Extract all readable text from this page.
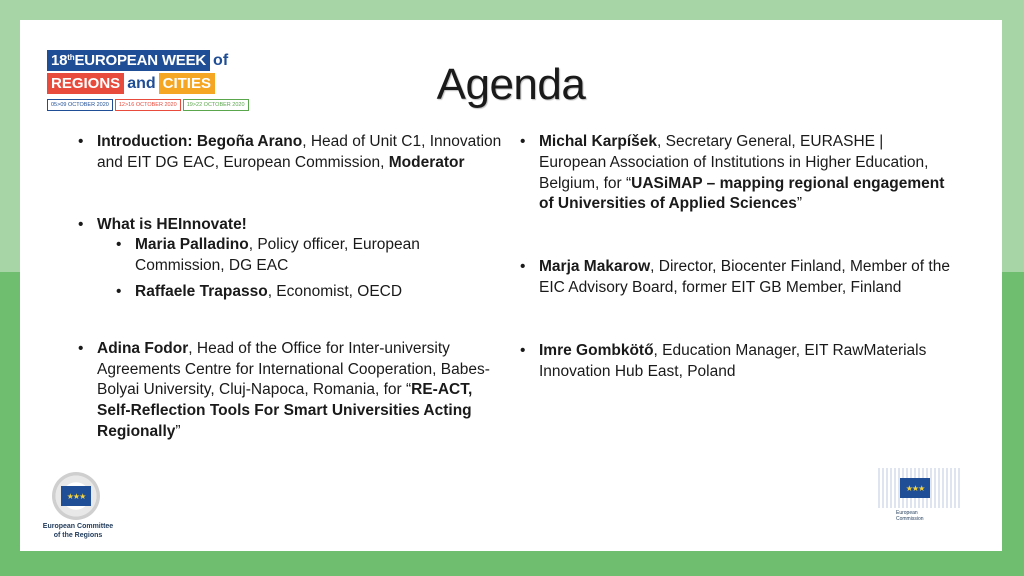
18th EUROPEAN WEEK of
REGIONS and CITIES
05>09 OCTOBER 2020	12>16 OCTOBER 2020	19>22 OCTOBER 2020	Agenda
• Introduction: Begoña Arano, Head of Unit C1, Innovation and EIT DG EAC, European Commission, Moderator
• What is HEInnovate!
• Maria Palladino, Policy officer, European Commission, DG EAC
• Raffaele Trapasso, Economist, OECD
• Adina Fodor, Head of the Office for Inter-university Agreements Centre for International Cooperation, Babes-Bolyai University, Cluj-Napoca, Romania, for “RE-ACT, Self-Reflection Tools For Smart Universities Acting Regionally”
• Michal Karpíšek, Secretary General, EURASHE | European Association of Institutions in Higher Education, Belgium, for “UASiMAP – mapping regional engagement of Universities of Applied Sciences”
• Marja Makarow, Director, Biocenter Finland, Member of the EIC Advisory Board, former EIT GB Member, Finland
• Imre Gombkötő, Education Manager, EIT RawMaterials Innovation Hub East, Poland
★★★
European Committee
of the Regions
★★★
European
Commission
